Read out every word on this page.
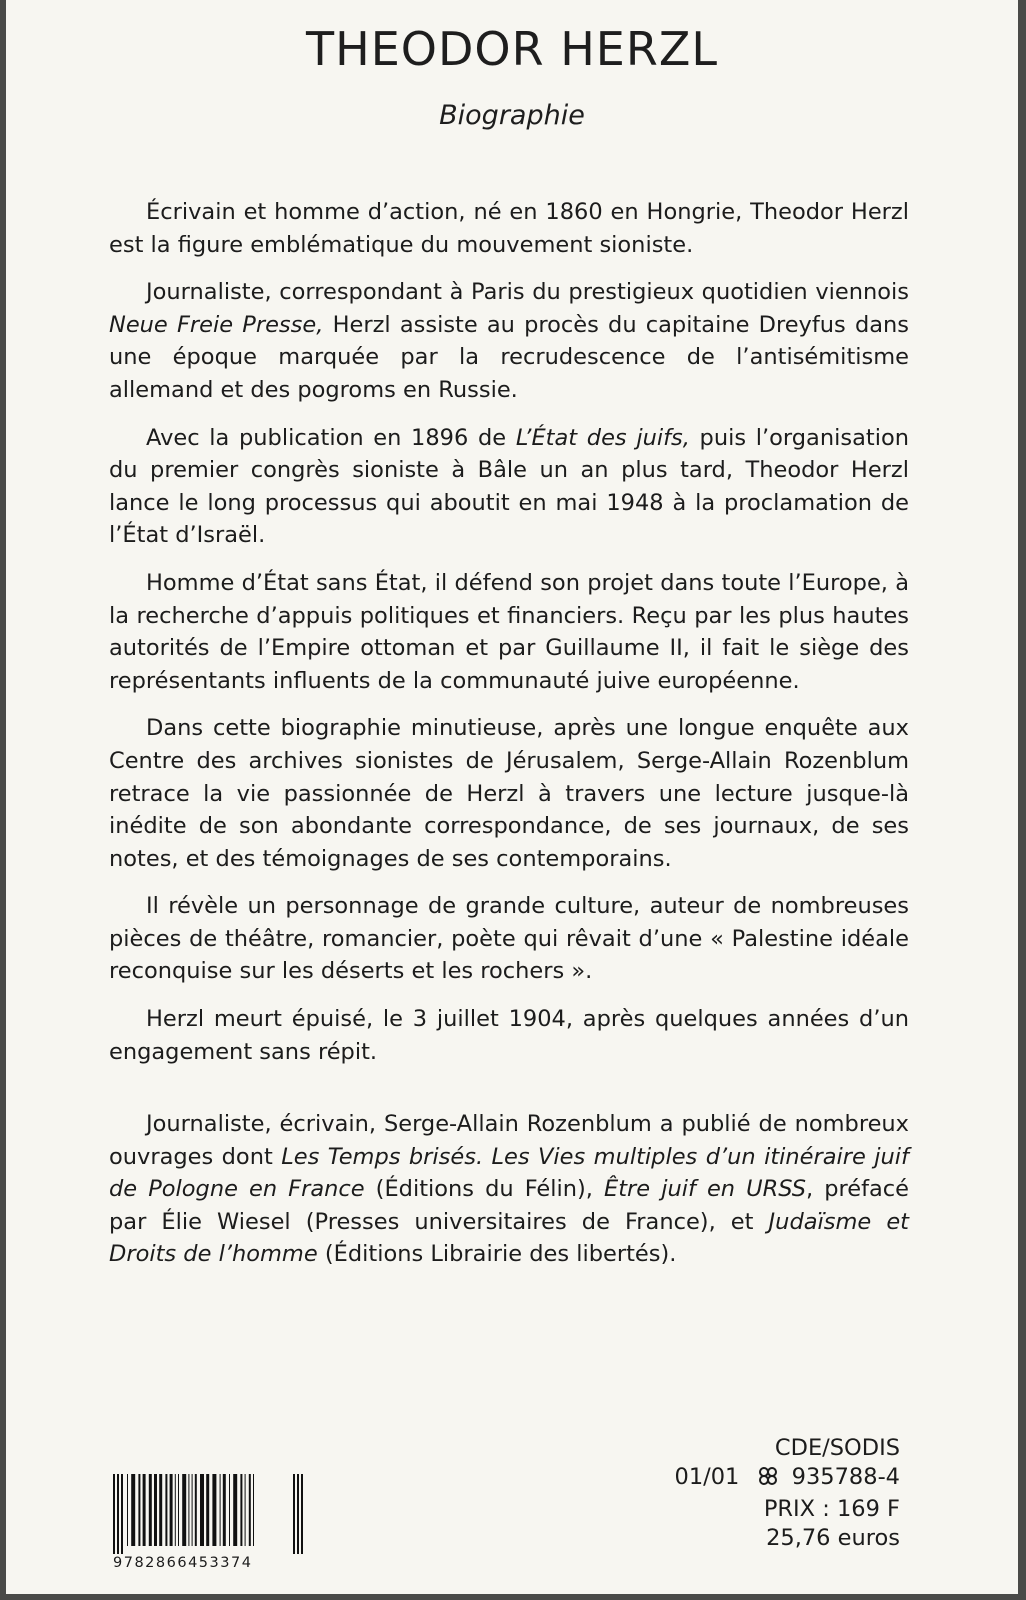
THEODOR HERZL
Biographie

Écrivain et homme d’action, né en 1860 en Hongrie, Theodor Herzl est la figure emblématique du mouvement sioniste.

Journaliste, correspondant à Paris du prestigieux quotidien viennois Neue Freie Presse, Herzl assiste au procès du capitaine Dreyfus dans une époque marquée par la recrudescence de l’antisémitisme allemand et des pogroms en Russie.

Avec la publication en 1896 de L’État des juifs, puis l’organisation du premier congrès sioniste à Bâle un an plus tard, Theodor Herzl lance le long processus qui aboutit en mai 1948 à la proclamation de l’État d’Israël.

Homme d’État sans État, il défend son projet dans toute l’Europe, à la recherche d’appuis politiques et financiers. Reçu par les plus hautes autorités de l’Empire ottoman et par Guillaume II, il fait le siège des représentants influents de la communauté juive européenne.

Dans cette biographie minutieuse, après une longue enquête aux Centre des archives sionistes de Jérusalem, Serge-Allain Rozenblum retrace la vie passionnée de Herzl à travers une lecture jusque-là inédite de son abondante correspondance, de ses journaux, de ses notes, et des témoignages de ses contemporains.

Il révèle un personnage de grande culture, auteur de nombreuses pièces de théâtre, romancier, poète qui rêvait d’une « Palestine idéale reconquise sur les déserts et les rochers ».

Herzl meurt épuisé, le 3 juillet 1904, après quelques années d’un engagement sans répit.

Journaliste, écrivain, Serge-Allain Rozenblum a publié de nombreux ouvrages dont Les Temps brisés. Les Vies multiples d’un itinéraire juif de Pologne en France (Éditions du Félin), Être juif en URSS, préfacé par Élie Wiesel (Presses universitaires de France), et Judaïsme et Droits de l’homme (Éditions Librairie des libertés).

9782866453374
CDE/SODIS
01/01 935788-4
PRIX : 169 F
25,76 euros
